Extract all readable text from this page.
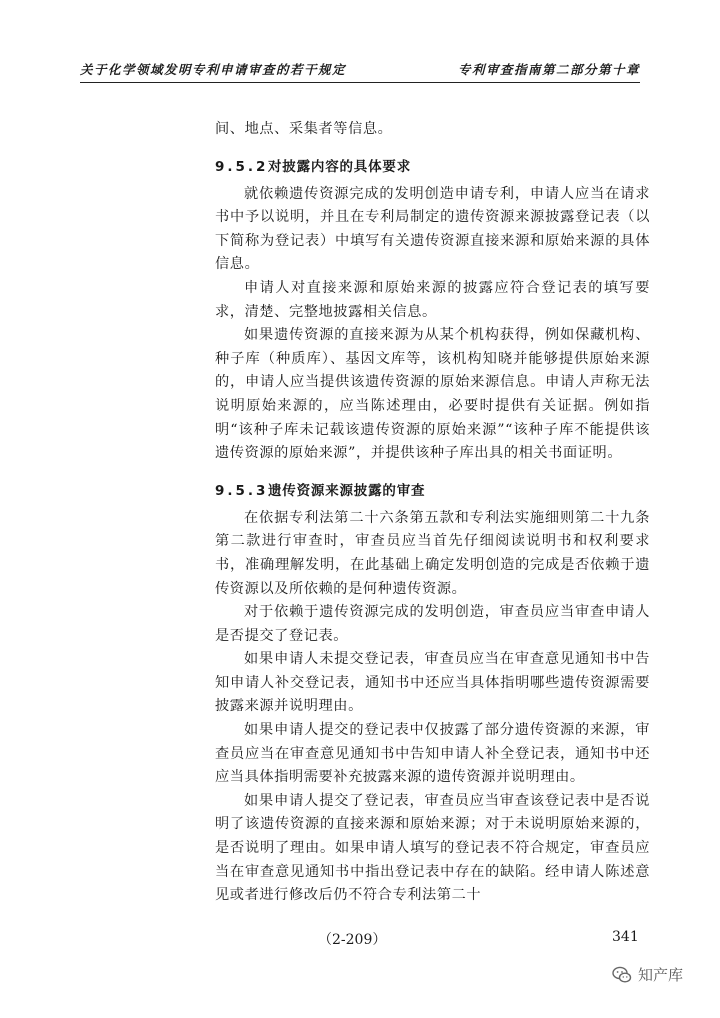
关于化学领域发明专利申请审查的若干规定	专利审查指南第二部分第十章

间、地点、采集者等信息。

9.5.2对披露内容的具体要求

就依赖遗传资源完成的发明创造申请专利，申请人应当在请求书中予以说明，并且在专利局制定的遗传资源来源披露登记表（以下简称为登记表）中填写有关遗传资源直接来源和原始来源的具体信息。

申请人对直接来源和原始来源的披露应符合登记表的填写要求，清楚、完整地披露相关信息。

如果遗传资源的直接来源为从某个机构获得，例如保藏机构、种子库（种质库）、基因文库等，该机构知晓并能够提供原始来源的，申请人应当提供该遗传资源的原始来源信息。申请人声称无法说明原始来源的，应当陈述理由，必要时提供有关证据。例如指明“该种子库未记载该遗传资源的原始来源”“该种子库不能提供该遗传资源的原始来源”，并提供该种子库出具的相关书面证明。

9.5.3遗传资源来源披露的审查

在依据专利法第二十六条第五款和专利法实施细则第二十九条第二款进行审查时，审查员应当首先仔细阅读说明书和权利要求书，准确理解发明，在此基础上确定发明创造的完成是否依赖于遗传资源以及所依赖的是何种遗传资源。

对于依赖于遗传资源完成的发明创造，审查员应当审查申请人是否提交了登记表。

如果申请人未提交登记表，审查员应当在审查意见通知书中告知申请人补交登记表，通知书中还应当具体指明哪些遗传资源需要披露来源并说明理由。

如果申请人提交的登记表中仅披露了部分遗传资源的来源，审查员应当在审查意见通知书中告知申请人补全登记表，通知书中还应当具体指明需要补充披露来源的遗传资源并说明理由。

如果申请人提交了登记表，审查员应当审查该登记表中是否说明了该遗传资源的直接来源和原始来源；对于未说明原始来源的，是否说明了理由。如果申请人填写的登记表不符合规定，审查员应当在审查意见通知书中指出登记表中存在的缺陷。经申请人陈述意见或者进行修改后仍不符合专利法第二十

（2-209）	341
知产库
